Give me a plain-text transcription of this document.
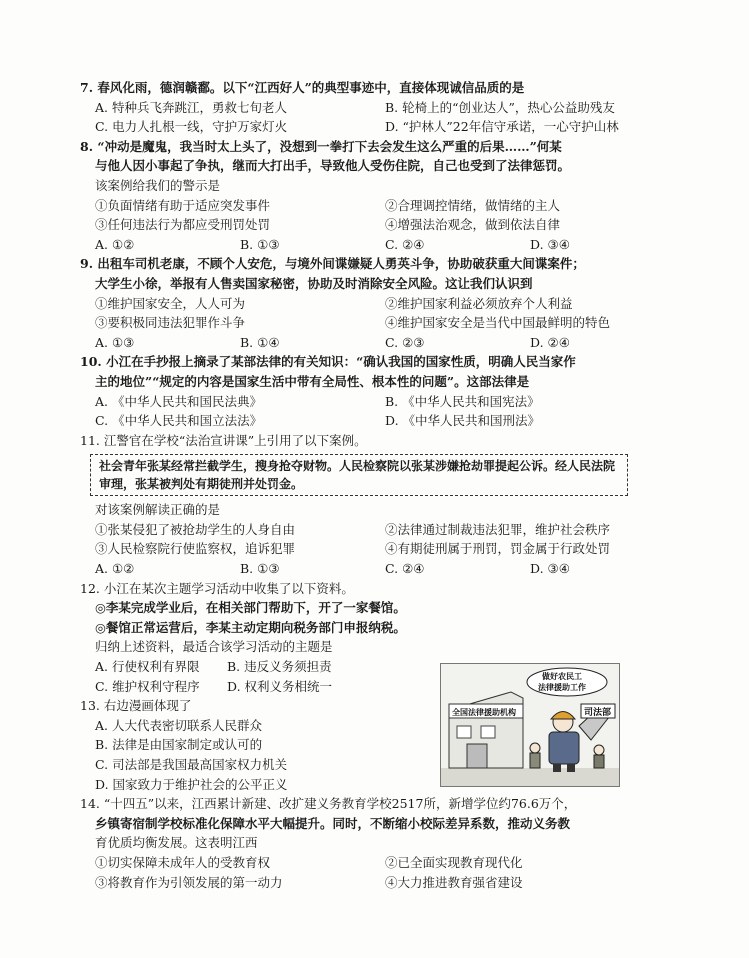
7. 春风化雨，德润赣鄱。以下“江西好人”的典型事迹中，直接体现诚信品质的是
A. 特种兵飞奔跳江，勇救七旬老人	B. 轮椅上的“创业达人”，热心公益助残友
C. 电力人扎根一线，守护万家灯火	D. “护林人”22年信守承诺，一心守护山林
8. “冲动是魔鬼，我当时太上头了，没想到一拳打下去会发生这么严重的后果……”何某
与他人因小事起了争执，继而大打出手，导致他人受伤住院，自己也受到了法律惩罚。
该案例给我们的警示是
①负面情绪有助于适应突发事件	②合理调控情绪，做情绪的主人
③任何违法行为都应受刑罚处罚	④增强法治观念，做到依法自律
A. ①②	B. ①③	C. ②④	D. ③④
9. 出租车司机老康，不顾个人安危，与境外间谍嫌疑人勇英斗争，协助破获重大间谍案件；
大学生小徐，举报有人售卖国家秘密，协助及时消除安全风险。这让我们认识到
①维护国家安全，人人可为	②维护国家利益必须放弃个人利益
③要积极同违法犯罪作斗争	④维护国家安全是当代中国最鲜明的特色
A. ①③	B. ①④	C. ②③	D. ②④
10. 小江在手抄报上摘录了某部法律的有关知识：“确认我国的国家性质，明确人民当家作
主的地位”“规定的内容是国家生活中带有全局性、根本性的问题”。这部法律是
A. 《中华人民共和国民法典》	B. 《中华人民共和国宪法》
C. 《中华人民共和国立法法》	D. 《中华人民共和国刑法》
11. 江警官在学校“法治宣讲课”上引用了以下案例。
社会青年张某经常拦截学生，搜身抢夺财物。人民检察院以张某涉嫌抢劫罪提起公诉。经人民法院审理，张某被判处有期徒刑并处罚金。
对该案例解读正确的是
①张某侵犯了被抢劫学生的人身自由	②法律通过制裁违法犯罪，维护社会秩序
③人民检察院行使监察权，追诉犯罪	④有期徒刑属于刑罚，罚金属于行政处罚
A. ①②	B. ①③	C. ②④	D. ③④
12. 小江在某次主题学习活动中收集了以下资料。
◎李某完成学业后，在相关部门帮助下，开了一家餐馆。
◎餐馆正常运营后，李某主动定期向税务部门申报纳税。
归纳上述资料，最适合该学习活动的主题是
A. 行使权利有界限	B. 违反义务须担责
C. 维护权利守程序	D. 权利义务相统一
13. 右边漫画体现了
A. 人大代表密切联系人民群众
B. 法律是由国家制定或认可的
C. 司法部是我国最高国家权力机关
D. 国家致力于维护社会的公平正义
14. “十四五”以来，江西累计新建、改扩建义务教育学校2517所，新增学位约76.6万个，
乡镇寄宿制学校标准化保障水平大幅提升。同时，不断缩小校际差异系数，推动义务教
育优质均衡发展。这表明江西
①切实保障未成年人的受教育权	②已全面实现教育现代化
③将教育作为引领发展的第一动力	④大力推进教育强省建设
全国法律援助机构
做好农民工
法律援助工作
司法部
